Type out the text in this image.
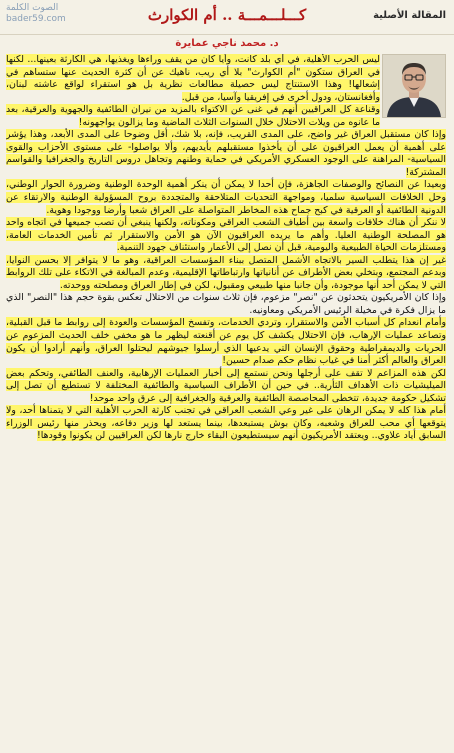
المقالة الأصلية
كـــلـــمـــة .. أم الكوارث
الصوت الكلمة
bader59.com
د. محمد ناجي عمايرة

ليس الحرب الأهلية، في أي بلد كانت، وأيا كان من يقف وراءها ويغذيها، هي الكارثة بعينها... لكنها في العراق ستكون "أم الكوارث" بلا أي ريب، ناهيك عن أن كثرة الحديث عنها ستساهم في إشعالها! وهذا الاستنتاج ليس حصيلة مطالعات نظرية بل هو استقراء لواقع عاشته لبنان، وأفغانستان، ودول أخرى في إفريقيا وآسيا، من قبل.

وقناعة كل العراقيين أنهم في غنى عن الاكتواء بالمزيد من نيران الطائفية والجهوية والعرقية، بعد ما عانوه من ويلات الاحتلال خلال السنوات الثلاث الماضية وما يزالون يواجهونه!

وإذا كان مستقبل العراق غير واضح، على المدى القريب، فإنه، بلا شك، أقل وضوحا على المدى الأبعد، وهذا يؤشر على أهمية أن يعمل العراقيون على أن يأخذوا مستقبلهم بأيديهم، وألا يواصلوا- على مستوى الأحزاب والقوى السياسية- المراهنة على الوجود العسكري الأمريكي في حماية وطنهم وتجاهل دروس التاريخ والجغرافيا والقواسم المشتركة!

وبعيدا عن النصائح والوصفات الجاهزة، فإن أحدا لا يمكن أن ينكر أهمية الوحدة الوطنية وضرورة الحوار الوطني، وحل الخلافات السياسية سلميا، ومواجهة التحديات المتلاحقة والمتجددة بروح المسؤولية الوطنية والارتقاء عن الدونية الطائفية أو العرقية في كبح جماح هذه المخاطر المتواصلة على العراق شعبا وأرضا ووجودا وهوية.

لا ننكر أن هناك خلافات واسعة بين أطياف الشعب العراقي ومكوناته، ولكنها ينبغي أن تصب جميعها في اتجاه واحد هو المصلحة الوطنية العليا. وأهم ما يريده العراقيون الآن هو الأمن والاستقرار ثم تأمين الخدمات العامة، ومستلزمات الحياة الطبيعية واليومية، قبل أن نصل إلى الأعمار واستئناف جهود التنمية.

غير إن هذا يتطلب السير بالاتجاه الأشمل المتصل ببناء المؤسسات العراقية، وهو ما لا يتوافر إلا بحسن النوايا، وبدعم المجتمع، وبتخلي بعض الأطراف عن أنانياتها وارتباطاتها الإقليمية، وعدم المبالغة في الاتكاء على تلك الروابط التي لا يمكن أحد أنها موجودة، وأن جانبا منها طبيعي ومقبول، لكن في إطار العراق ومصلحته ووحدته.

وإذا كان الأمريكيون يتحدثون عن "نصر" مزعوم، فإن ثلاث سنوات من الاحتلال تعكس بقوة حجم هذا "النصر" الذي ما يزال فكرة في مخيلة الرئيس الأمريكي ومعاونيه.

وأمام انعدام كل أسباب الأمن والاستقرار، وتردي الخدمات، وتفسخ المؤسسات والعودة إلى روابط ما قبل القبلية، وتصاعد عمليات الإرهاب، فإن الاحتلال يكشف كل يوم عن أقنعته ليظهر ما هو مخفي خلف الحديث المزعوم عن الحريات والديمقراطية وحقوق الإنسان التي يدعيها الذي أرسلوا جيوشهم ليحتلوا العراق، وأنهم أرادوا أن يكون العراق والعالم أكثر أمنا في غياب نظام حكم صدام حسين!

لكن هذه المزاعم لا تقف على أرجلها ونحن نستمع إلى أخبار العمليات الإرهابية، والعنف الطائفي، وتحكم بعض الميليشيات ذات الأهداف الثأرية.. في حين أن الأطراف السياسية والطائفية المختلفة لا تستطيع أن تصل إلى تشكيل حكومة جديدة، تتخطى المحاصصة الطائفية والعرقية والجغرافية إلى عرق واحد موحد!

أمام هذا كله لا يمكن الرهان على غير وعي الشعب العراقي في تجنب كارثة الحرب الأهلية التي لا يتمناها أحد، ولا يتوقعها أي محب للعراق وشعبه، وكان بوش يستبعدها، بينما يستعد لها وزير دفاعه، ويحذر منها رئيس الوزراء السابق أياد علاوي.. ويعتقد الأمريكيون أنهم سيستطيعون البقاء خارج نارها لكن العراقيين لن يكونوا وقودها!
